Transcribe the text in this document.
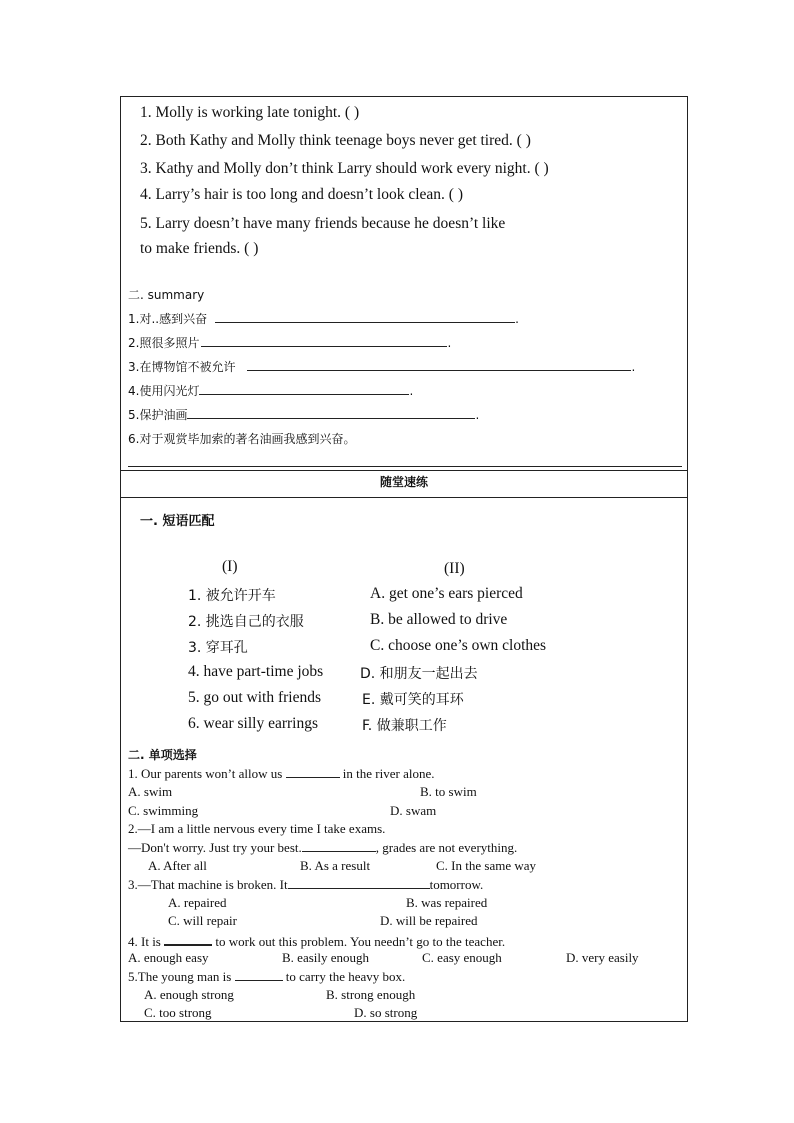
1. Molly is working late tonight. ( )
2. Both Kathy and Molly think teenage boys never get tired. ( )
3. Kathy and Molly don’t think Larry should work every night. ( )
4. Larry’s hair is too long and doesn’t look clean. ( )
5. Larry doesn’t have many friends because he doesn’t like
to make friends. ( )
二. summary
1.对..感到兴奋	.
2.照很多照片	.
3.在博物馆不被允许	.
4.使用闪光灯	.
5.保护油画	.
6.对于观赏毕加索的著名油画我感到兴奋。
随堂速练
一. 短语匹配
(I)	(II)
1. 被允许开车	A. get one’s ears pierced
2. 挑选自己的衣服	B. be allowed to drive
3. 穿耳孔	C. choose one’s own clothes
4. have part-time jobs	D. 和朋友一起出去
5. go out with friends	E. 戴可笑的耳环
6. wear silly earrings	F. 做兼职工作
二. 单项选择
1. Our parents won’t allow us	in the river alone.
A. swim	B. to swim
C. swimming	D. swam
2.—I am a little nervous every time I take exams.
—Don't worry. Just try your best.	, grades are not everything.
A. After all	B. As a result	C. In the same way
3.—That machine is broken. It	tomorrow.
A. repaired	B. was repaired
C. will repair	D. will be repaired
4. It is	to work out this problem. You needn’t go to the teacher.
A. enough easy	B. easily enough	C. easy enough	D. very easily
5.The young man is	to carry the heavy box.
A. enough strong	B. strong enough
C. too strong	D. so strong
